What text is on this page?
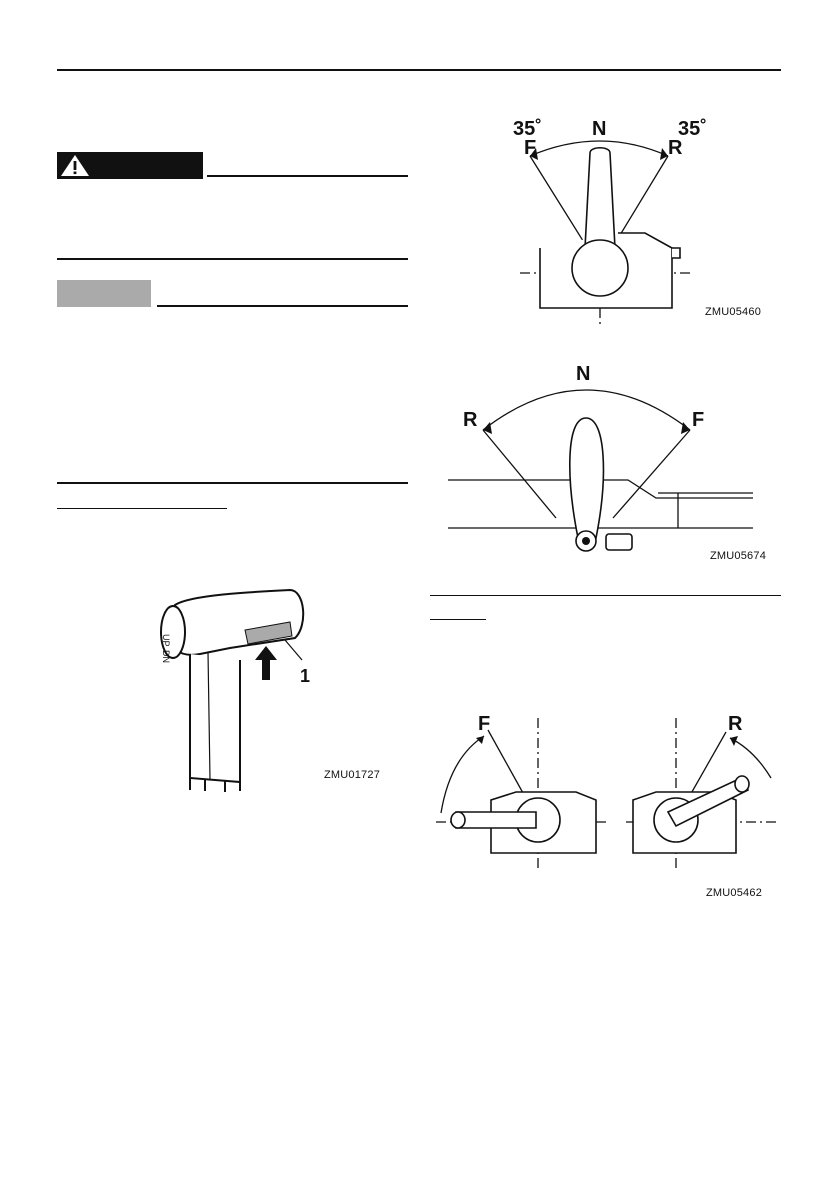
1
UP
DN
ZMU01727
35˚
F
N	35˚
R
ZMU05460
N
R	F
ZMU05674
F	R
ZMU05462
